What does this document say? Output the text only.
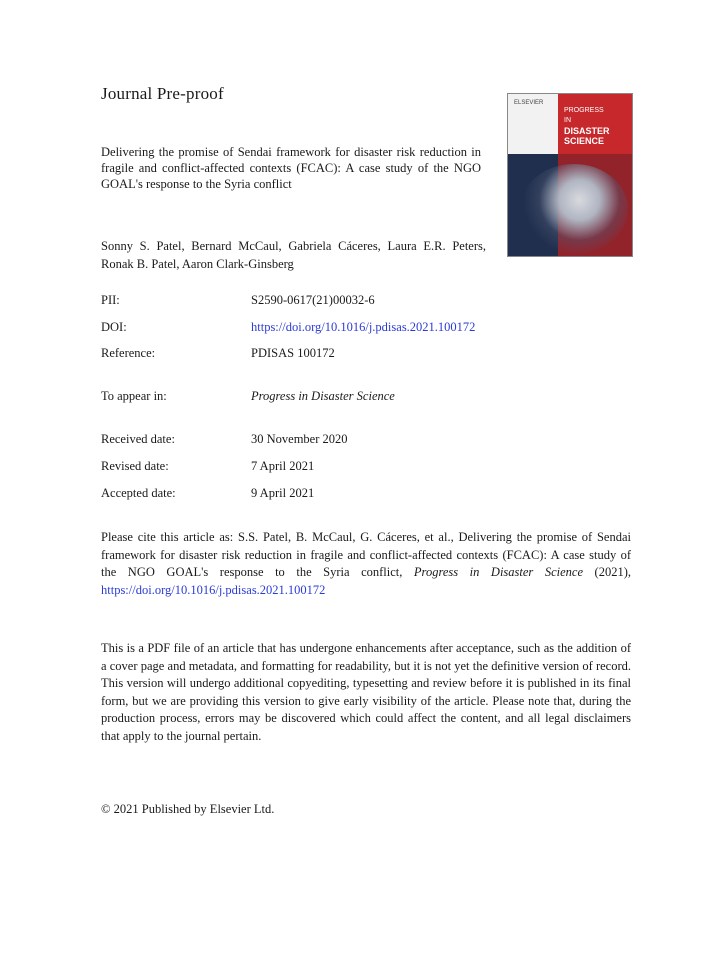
Journal Pre-proof
Delivering the promise of Sendai framework for disaster risk reduction in fragile and conflict-affected contexts (FCAC): A case study of the NGO GOAL's response to the Syria conflict
ELSEVIER
PROGRESS
IN
DISASTER
SCIENCE
Sonny S. Patel, Bernard McCaul, Gabriela Cáceres, Laura E.R. Peters, Ronak B. Patel, Aaron Clark-Ginsberg
PII:	S2590-0617(21)00032-6
DOI:	https://doi.org/10.1016/j.pdisas.2021.100172
Reference:	PDISAS 100172
To appear in:	Progress in Disaster Science
Received date:	30 November 2020
Revised date:	7 April 2021
Accepted date:	9 April 2021
Please cite this article as: S.S. Patel, B. McCaul, G. Cáceres, et al., Delivering the promise of Sendai framework for disaster risk reduction in fragile and conflict-affected contexts (FCAC): A case study of the NGO GOAL's response to the Syria conflict, Progress in Disaster Science (2021), https://doi.org/10.1016/j.pdisas.2021.100172
This is a PDF file of an article that has undergone enhancements after acceptance, such as the addition of a cover page and metadata, and formatting for readability, but it is not yet the definitive version of record. This version will undergo additional copyediting, typesetting and review before it is published in its final form, but we are providing this version to give early visibility of the article. Please note that, during the production process, errors may be discovered which could affect the content, and all legal disclaimers that apply to the journal pertain.
© 2021 Published by Elsevier Ltd.
